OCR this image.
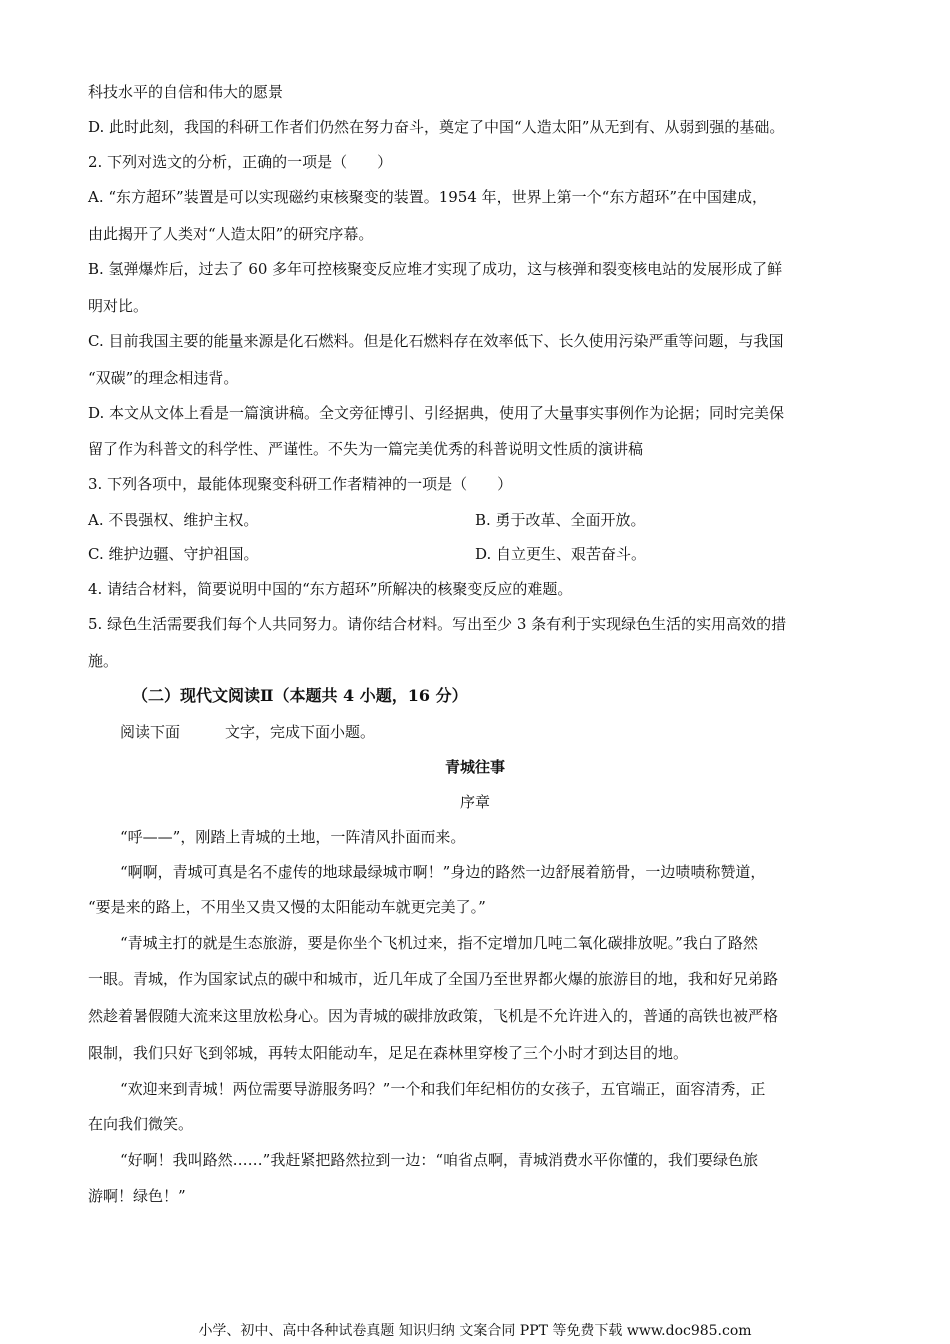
科技水平的自信和伟大的愿景
D. 此时此刻，我国的科研工作者们仍然在努力奋斗，奠定了中国“人造太阳”从无到有、从弱到强的基础。
2. 下列对选文的分析，正确的一项是（　　）
A. “东方超环”装置是可以实现磁约束核聚变的装置。1954 年，世界上第一个“东方超环”在中国建成，
由此揭开了人类对“人造太阳”的研究序幕。
B. 氢弹爆炸后，过去了 60 多年可控核聚变反应堆才实现了成功，这与核弹和裂变核电站的发展形成了鲜
明对比。
C. 目前我国主要的能量来源是化石燃料。但是化石燃料存在效率低下、长久使用污染严重等问题，与我国
“双碳”的理念相违背。
D. 本文从文体上看是一篇演讲稿。全文旁征博引、引经据典，使用了大量事实事例作为论据；同时完美保
留了作为科普文的科学性、严谨性。不失为一篇完美优秀的科普说明文性质的演讲稿
3. 下列各项中，最能体现聚变科研工作者精神的一项是（　　）
A. 不畏强权、维护主权。	B. 勇于改革、全面开放。
C. 维护边疆、守护祖国。	D. 自立更生、艰苦奋斗。
4. 请结合材料，简要说明中国的“东方超环”所解决的核聚变反应的难题。
5. 绿色生活需要我们每个人共同努力。请你结合材料。写出至少 3 条有利于实现绿色生活的实用高效的措
施。
（二）现代文阅读Ⅱ（本题共 4 小题，16 分）
阅读下面　　　文字，完成下面小题。
青城往事
序章
“呼——”，刚踏上青城的土地，一阵清风扑面而来。
“啊啊，青城可真是名不虚传的地球最绿城市啊！”身边的路然一边舒展着筋骨，一边啧啧称赞道，
“要是来的路上，不用坐又贵又慢的太阳能动车就更完美了。”
“青城主打的就是生态旅游，要是你坐个飞机过来，指不定增加几吨二氧化碳排放呢。”我白了路然
一眼。青城，作为国家试点的碳中和城市，近几年成了全国乃至世界都火爆的旅游目的地，我和好兄弟路
然趁着暑假随大流来这里放松身心。因为青城的碳排放政策，飞机是不允许进入的，普通的高铁也被严格
限制，我们只好飞到邻城，再转太阳能动车，足足在森林里穿梭了三个小时才到达目的地。
“欢迎来到青城！两位需要导游服务吗？”一个和我们年纪相仿的女孩子，五官端正，面容清秀，正
在向我们微笑。
“好啊！我叫路然……”我赶紧把路然拉到一边：“咱省点啊，青城消费水平你懂的，我们要绿色旅
游啊！绿色！”
小学、初中、高中各种试卷真题 知识归纳 文案合同 PPT 等免费下载 www.doc985.com
